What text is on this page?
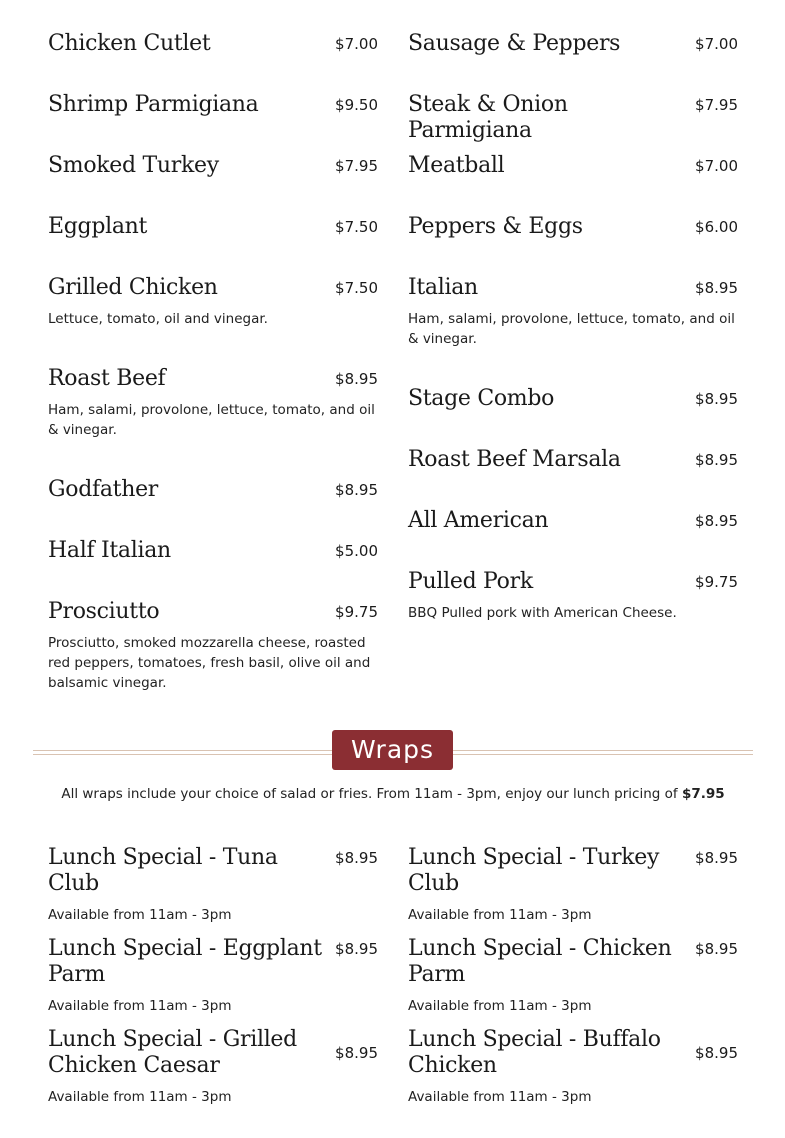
Chicken Cutlet	$7.00
Shrimp Parmigiana	$9.50
Smoked Turkey	$7.95
Eggplant	$7.50
Grilled Chicken	$7.50
Lettuce, tomato, oil and vinegar.
Roast Beef	$8.95
Ham, salami, provolone, lettuce, tomato, and oil & vinegar.
Godfather	$8.95
Half Italian	$5.00
Prosciutto	$9.75
Prosciutto, smoked mozzarella cheese, roasted red peppers, tomatoes, fresh basil, olive oil and balsamic vinegar.
Sausage & Peppers	$7.00
Steak & Onion Parmigiana
$7.95
Meatball	$7.00
Peppers & Eggs	$6.00
Italian	$8.95
Ham, salami, provolone, lettuce, tomato, and oil & vinegar.
Stage Combo	$8.95
Roast Beef Marsala	$8.95
All American	$8.95
Pulled Pork	$9.75
BBQ Pulled pork with American Cheese.
Wraps
All wraps include your choice of salad or fries. From 11am - 3pm, enjoy our lunch pricing of $7.95
Lunch Special - Tuna Club
$8.95
Available from 11am - 3pm
Lunch Special - Eggplant Parm
$8.95
Available from 11am - 3pm
Lunch Special - Grilled Chicken Caesar	$8.95
Available from 11am - 3pm
Lunch Special - Turkey Club
$8.95
Available from 11am - 3pm
Lunch Special - Chicken Parm
$8.95
Available from 11am - 3pm
Lunch Special - Buffalo Chicken	$8.95
Available from 11am - 3pm
